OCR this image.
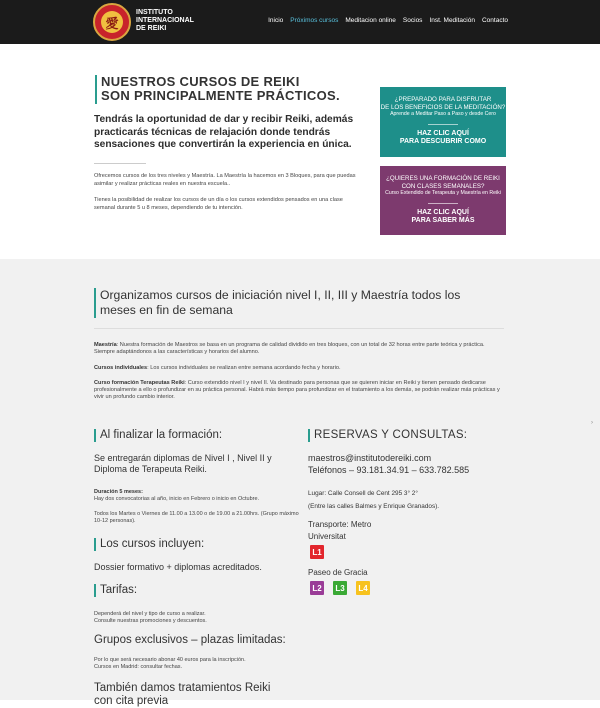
愛
INSTITUTO
INTERNACIONAL
DE REIKI
Inicio Próximos cursos Meditacion online Socios Inst. Meditación Contacto
NUESTROS CURSOS DE REIKI
SON PRINCIPALMENTE PRÁCTICOS.
Tendrás la oportunidad de dar y recibir Reiki, además practicarás técnicas de relajación donde tendrás sensaciones que convertirán la experiencia en única.
Ofrecemos cursos de los tres niveles y Maestría. La Maestría la hacemos en 3 Bloques, para que puedas asimilar y realizar prácticas reales en nuestra escuela..
Tienes la posibilidad de realizar los cursos de un día o los cursos extendidos pensados en una clase semanal durante 5 u 8 meses, dependiendo de tu intención.
¿PREPARADO PARA DISFRUTAR
DE LOS BENEFICIOS DE LA MEDITACIÓN?
Aprende a Meditar Paso a Paso y desde Cero
HAZ CLIC AQUÍ
PARA DESCUBRIR COMO
¿QUIERES UNA FORMACIÓN DE REIKI
CON CLASES SEMANALES?
Curso Extendido de Terapeuta y Maestría en Reiki
HAZ CLIC AQUÍ
PARA SABER MÁS
Organizamos cursos de iniciación nivel I, II, III y Maestría todos los
meses en fin de semana
Maestría: Nuestra formación de Maestros se basa en un programa de calidad dividido en tres bloques, con un total de 32 horas entre parte teórica y práctica. Siempre adaptándonos a las características y horarios del alumno.
Cursos individuales: Los cursos individuales se realizan entre semana acordando fecha y horario.
Curso formación Terapeutas Reiki: Curso extendido nivel I y nivel II. Va destinado para personas que se quieren iniciar en Reiki y tienen pensado dedicarse profesionalmente a ello o profundizar en su práctica personal. Habrá más tiempo para profundizar en el tratamiento a los demás, se podrán realizar más prácticas y vivir un profundo cambio interior.
Al finalizar la formación:
Se entregarán diplomas de Nivel I , Nivel II y Diploma de Terapeuta Reiki.
Duración 5 meses:
Hay dos convocatorias al año, inicio en Febrero o inicio en Octubre.
Todos los Martes o Viernes de 11.00 a 13.00 o de 19.00 a 21.00hrs. (Grupo máximo 10-12 personas).
Los cursos incluyen:
Dossier formativo + diplomas acreditados.
Tarifas:
Dependerá del nivel y tipo de curso a realizar.
Consulte nuestras promociones y descuentos.
Grupos exclusivos – plazas limitadas:
Por lo que será necesario abonar 40 euros para la inscripción.
Cursos en Madrid: consultar fechas.
También damos tratamientos Reiki
con cita previa
RESERVAS Y CONSULTAS:
maestros@institutodereiki.com
Teléfonos – 93.181.34.91 – 633.782.585
Lugar: Calle Consell de Cent 295 3° 2°
(Entre las calles Balmes y Enrique Granados).
Transporte: Metro
Universitat
L1
Paseo de Gracia
L2 L3 L4
›
